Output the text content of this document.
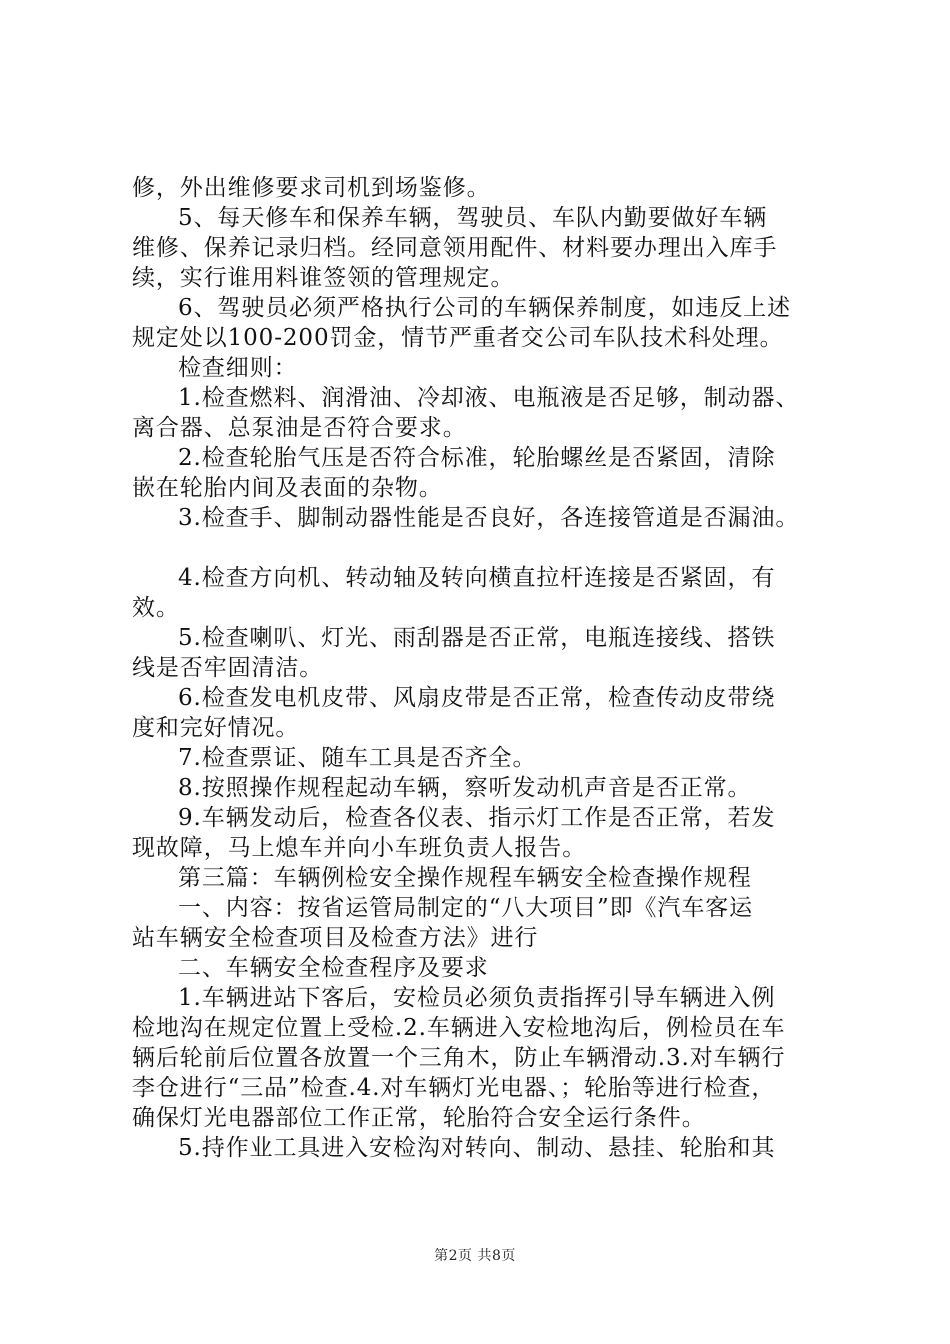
修，外出维修要求司机到场鉴修。
5、每天修车和保养车辆，驾驶员、车队内勤要做好车辆
维修、保养记录归档。经同意领用配件、材料要办理出入库手
续，实行谁用料谁签领的管理规定。
6、驾驶员必须严格执行公司的车辆保养制度，如违反上述
规定处以100-200罚金，情节严重者交公司车队技术科处理。
检查细则：
1.检查燃料、润滑油、冷却液、电瓶液是否足够，制动器、
离合器、总泵油是否符合要求。
2.检查轮胎气压是否符合标准，轮胎螺丝是否紧固，清除
嵌在轮胎内间及表面的杂物。
3.检查手、脚制动器性能是否良好，各连接管道是否漏油。
4.检查方向机、转动轴及转向横直拉杆连接是否紧固，有
效。
5.检查喇叭、灯光、雨刮器是否正常，电瓶连接线、搭铁
线是否牢固清洁。
6.检查发电机皮带、风扇皮带是否正常，检查传动皮带绕
度和完好情况。
7.检查票证、随车工具是否齐全。
8.按照操作规程起动车辆，察听发动机声音是否正常。
9.车辆发动后，检查各仪表、指示灯工作是否正常，若发
现故障，马上熄车并向小车班负责人报告。
第三篇：车辆例检安全操作规程车辆安全检查操作规程
一、内容：按省运管局制定的“八大项目”即《汽车客运
站车辆安全检查项目及检查方法》进行
二、车辆安全检查程序及要求
1.车辆进站下客后，安检员必须负责指挥引导车辆进入例
检地沟在规定位置上受检.2.车辆进入安检地沟后，例检员在车
辆后轮前后位置各放置一个三角木，防止车辆滑动.3.对车辆行
李仓进行“三品”检查.4.对车辆灯光电器、；轮胎等进行检查，
确保灯光电器部位工作正常，轮胎符合安全运行条件。
5.持作业工具进入安检沟对转向、制动、悬挂、轮胎和其
第2页 共8页
